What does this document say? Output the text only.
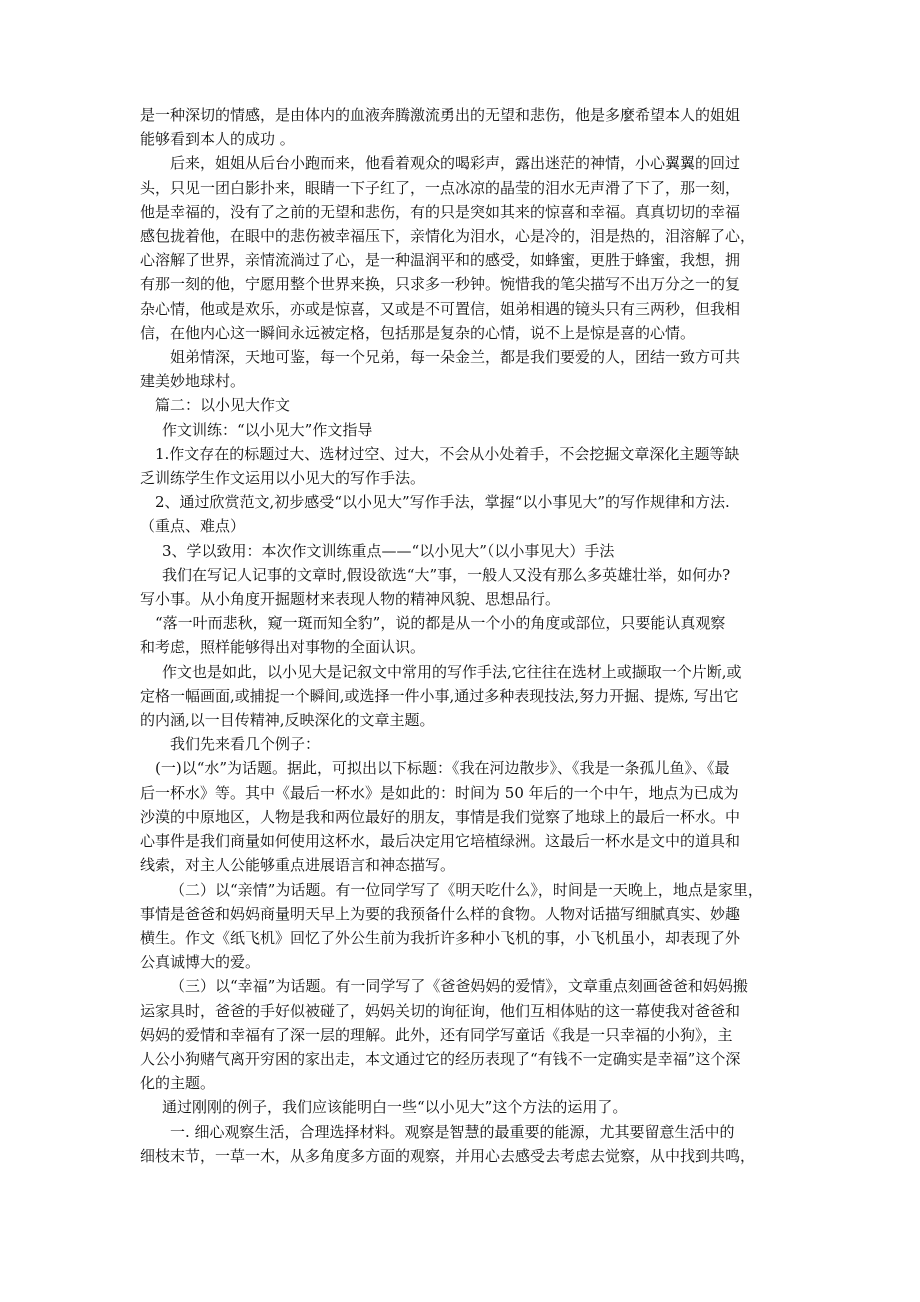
是一种深切的情感，是由体内的血液奔腾激流勇出的无望和悲伤，他是多麼希望本人的姐姐
能够看到本人的成功 。
后来，姐姐从后台小跑而来，他看着观众的喝彩声，露出迷茫的神情，小心翼翼的回过
头，只见一团白影扑来，眼睛一下子红了，一点冰凉的晶莹的泪水无声滑了下了，那一刻，
他是幸福的，没有了之前的无望和悲伤，有的只是突如其来的惊喜和幸福。真真切切的幸福
感包拢着他，在眼中的悲伤被幸福压下，亲情化为泪水，心是冷的，泪是热的，泪溶解了心，
心溶解了世界，亲情流淌过了心，是一种温润平和的感受，如蜂蜜，更胜于蜂蜜，我想，拥
有那一刻的他，宁愿用整个世界来换，只求多一秒钟。惋惜我的笔尖描写不出万分之一的复
杂心情，他或是欢乐，亦或是惊喜，又或是不可置信，姐弟相遇的镜头只有三两秒，但我相
信，在他内心这一瞬间永远被定格，包括那是复杂的心情，说不上是惊是喜的心情。
姐弟情深，天地可鉴，每一个兄弟，每一朵金兰，都是我们要爱的人，团结一致方可共
建美妙地球村。
篇二：以小见大作文
作文训练：“以小见大”作文指导
1.作文存在的标题过大、选材过空、过大，不会从小处着手，不会挖掘文章深化主题等缺
乏训练学生作文运用以小见大的写作手法。
2、通过欣赏范文,初步感受“以小见大”写作手法，掌握“以小事见大”的写作规律和方法.
（重点、难点）
3、学以致用：本次作文训练重点——“以小见大”（以小事见大）手法
我们在写记人记事的文章时,假设欲选“大”事，一般人又没有那么多英雄壮举，如何办?
写小事。从小角度开掘题材来表现人物的精神风貌、思想品行。
“落一叶而悲秋，窥一斑而知全豹”，说的都是从一个小的角度或部位，只要能认真观察
和考虑，照样能够得出对事物的全面认识。
作文也是如此，以小见大是记叙文中常用的写作手法,它往往在选材上或撷取一个片断,或
定格一幅画面,或捕捉一个瞬间,或选择一件小事,通过多种表现技法,努力开掘、提炼, 写出它
的内涵,以一目传精神,反映深化的文章主题。
我们先来看几个例子：
(一)以“水”为话题。据此，可拟出以下标题：《我在河边散步》、《我是一条孤儿鱼》、《最
后一杯水》等。其中《最后一杯水》是如此的：时间为 50 年后的一个中午，地点为已成为
沙漠的中原地区，人物是我和两位最好的朋友，事情是我们觉察了地球上的最后一杯水。中
心事件是我们商量如何使用这杯水，最后决定用它培植绿洲。这最后一杯水是文中的道具和
线索，对主人公能够重点进展语言和神态描写。
（二）以“亲情”为话题。有一位同学写了《明天吃什么》，时间是一天晚上，地点是家里，
事情是爸爸和妈妈商量明天早上为要的我预备什么样的食物。人物对话描写细腻真实、妙趣
横生。作文《纸飞机》回忆了外公生前为我折许多种小飞机的事，小飞机虽小，却表现了外
公真诚博大的爱。
（三）以“幸福”为话题。有一同学写了《爸爸妈妈的爱情》，文章重点刻画爸爸和妈妈搬
运家具时，爸爸的手好似被碰了，妈妈关切的询征询，他们互相体贴的这一幕使我对爸爸和
妈妈的爱情和幸福有了深一层的理解。此外，还有同学写童话《我是一只幸福的小狗》，主
人公小狗赌气离开穷困的家出走，本文通过它的经历表现了“有钱不一定确实是幸福”这个深
化的主题。
通过刚刚的例子，我们应该能明白一些“以小见大”这个方法的运用了。
一. 细心观察生活，合理选择材料。观察是智慧的最重要的能源，尤其要留意生活中的
细枝末节，一草一木，从多角度多方面的观察，并用心去感受去考虑去觉察，从中找到共鸣，
